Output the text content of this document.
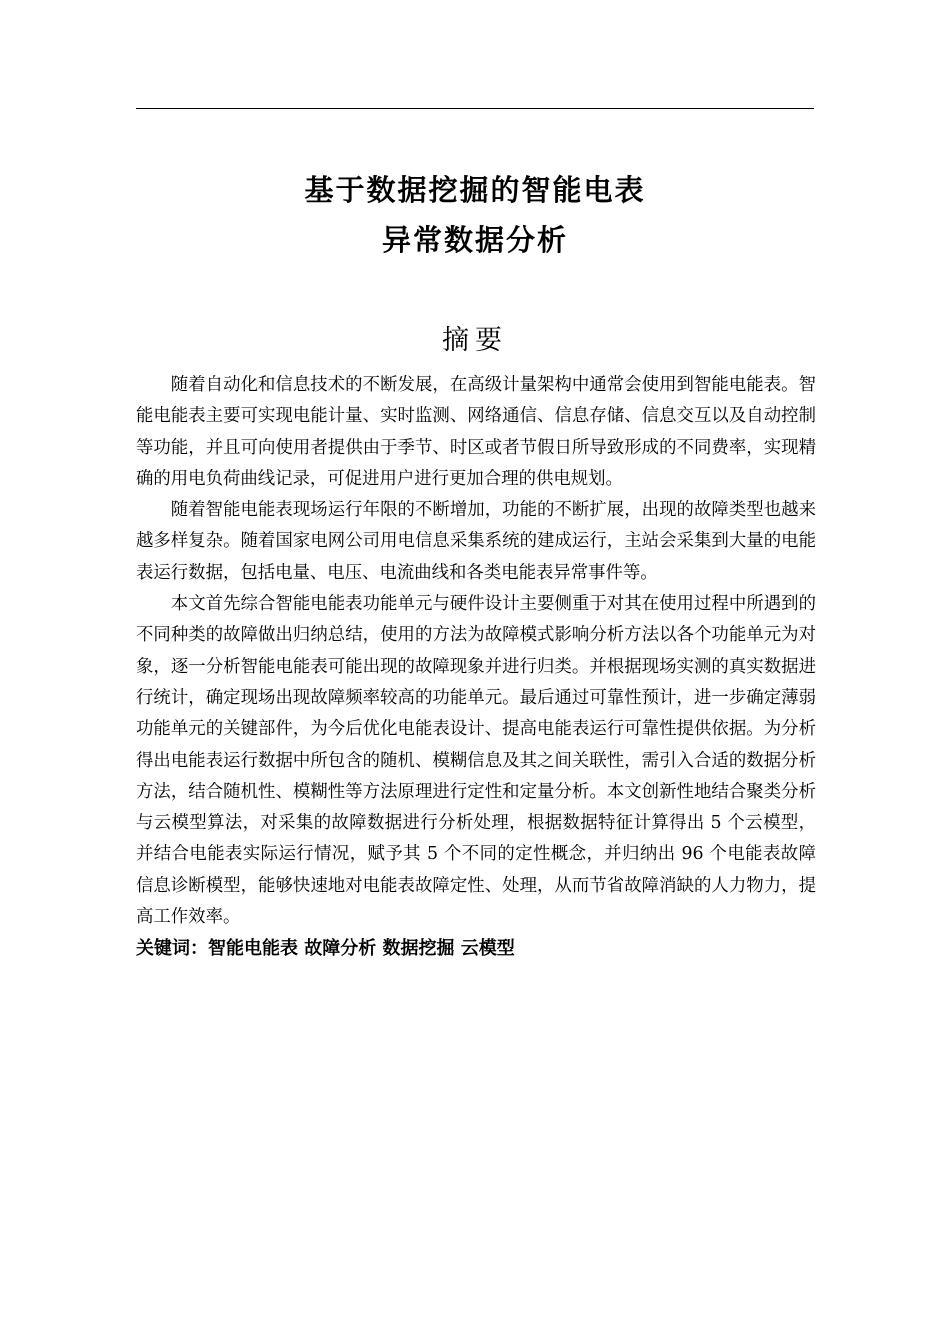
基于数据挖掘的智能电表
异常数据分析
摘要

随着自动化和信息技术的不断发展，在高级计量架构中通常会使用到智能电能表。智能电能表主要可实现电能计量、实时监测、网络通信、信息存储、信息交互以及自动控制等功能，并且可向使用者提供由于季节、时区或者节假日所导致形成的不同费率，实现精确的用电负荷曲线记录，可促进用户进行更加合理的供电规划。

随着智能电能表现场运行年限的不断增加，功能的不断扩展，出现的故障类型也越来越多样复杂。随着国家电网公司用电信息采集系统的建成运行，主站会采集到大量的电能表运行数据，包括电量、电压、电流曲线和各类电能表异常事件等。

本文首先综合智能电能表功能单元与硬件设计主要侧重于对其在使用过程中所遇到的不同种类的故障做出归纳总结，使用的方法为故障模式影响分析方法以各个功能单元为对象，逐一分析智能电能表可能出现的故障现象并进行归类。并根据现场实测的真实数据进行统计，确定现场出现故障频率较高的功能单元。最后通过可靠性预计，进一步确定薄弱功能单元的关键部件，为今后优化电能表设计、提高电能表运行可靠性提供依据。为分析得出电能表运行数据中所包含的随机、模糊信息及其之间关联性，需引入合适的数据分析方法，结合随机性、模糊性等方法原理进行定性和定量分析。本文创新性地结合聚类分析与云模型算法，对采集的故障数据进行分析处理，根据数据特征计算得出 5 个云模型，并结合电能表实际运行情况，赋予其 5 个不同的定性概念，并归纳出 96 个电能表故障信息诊断模型，能够快速地对电能表故障定性、处理，从而节省故障消缺的人力物力，提高工作效率。

关键词：智能电能表 故障分析 数据挖掘 云模型
